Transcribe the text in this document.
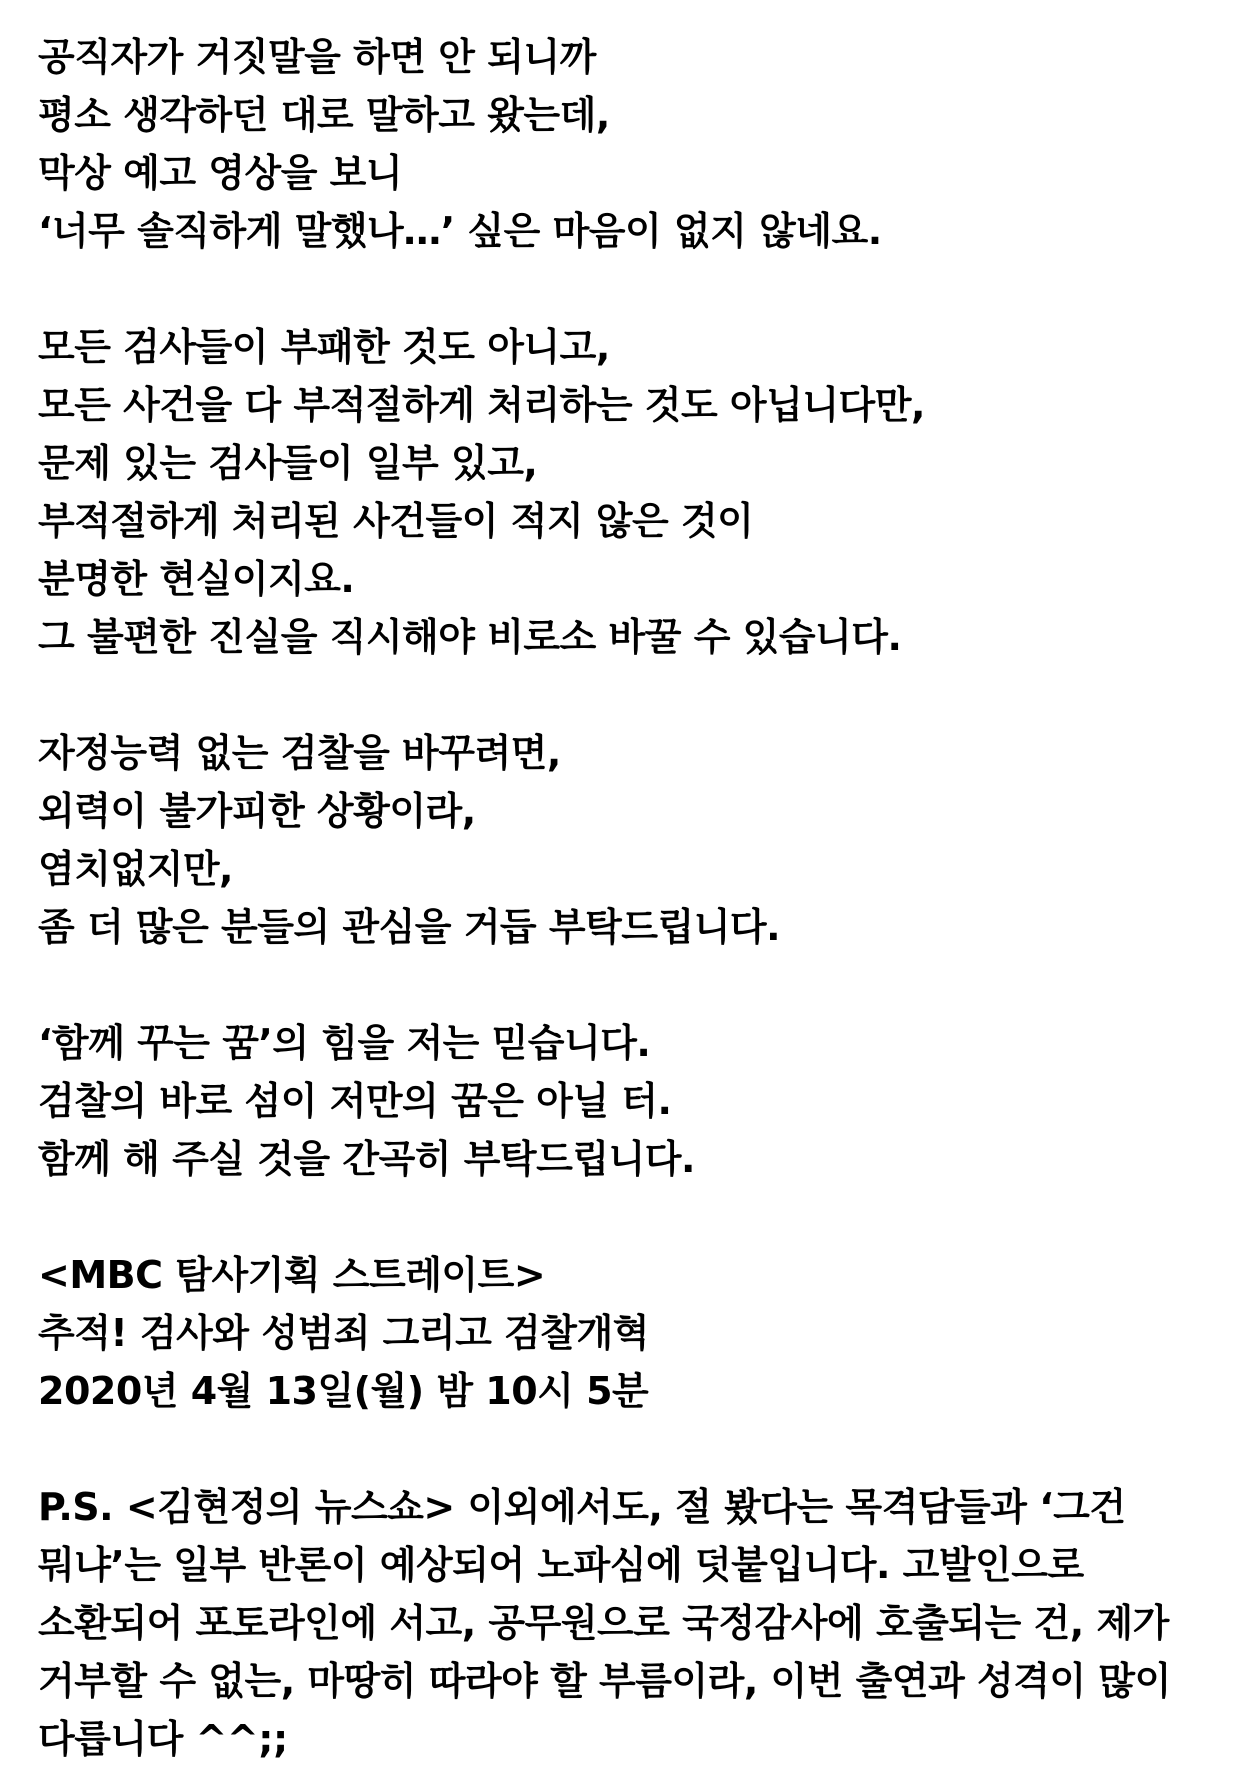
공직자가 거짓말을 하면 안 되니까
평소 생각하던 대로 말하고 왔는데,
막상 예고 영상을 보니
‘너무 솔직하게 말했나…’ 싶은 마음이 없지 않네요.
모든 검사들이 부패한 것도 아니고,
모든 사건을 다 부적절하게 처리하는 것도 아닙니다만,
문제 있는 검사들이 일부 있고,
부적절하게 처리된 사건들이 적지 않은 것이
분명한 현실이지요.
그 불편한 진실을 직시해야 비로소 바꿀 수 있습니다.
자정능력 없는 검찰을 바꾸려면,
외력이 불가피한 상황이라,
염치없지만,
좀 더 많은 분들의 관심을 거듭 부탁드립니다.
‘함께 꾸는 꿈’의 힘을 저는 믿습니다.
검찰의 바로 섬이 저만의 꿈은 아닐 터.
함께 해 주실 것을 간곡히 부탁드립니다.
<MBC 탐사기획 스트레이트>
추적! 검사와 성범죄 그리고 검찰개혁
2020년 4월 13일(월) 밤 10시 5분
P.S. <김현정의 뉴스쇼> 이외에서도, 절 봤다는 목격담들과 ‘그건 뭐냐’는 일부 반론이 예상되어 노파심에 덧붙입니다. 고발인으로 소환되어 포토라인에 서고, 공무원으로 국정감사에 호출되는 건, 제가 거부할 수 없는, 마땅히 따라야 할 부름이라, 이번 출연과 성격이 많이 다릅니다 ^^;;
